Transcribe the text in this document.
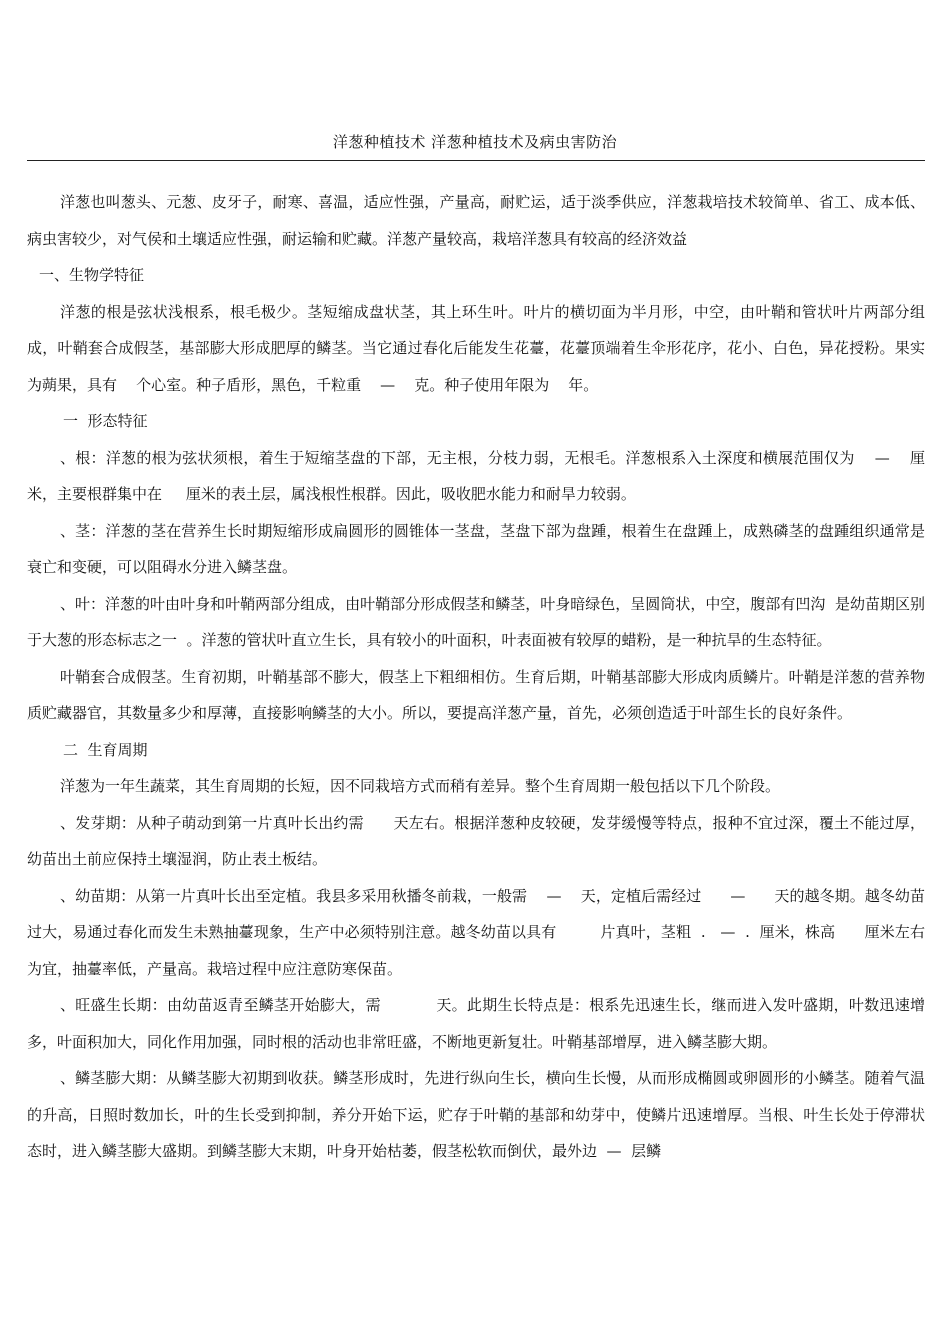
洋葱种植技术 洋葱种植技术及病虫害防治

洋葱也叫葱头、元葱、皮牙子，耐寒、喜温，适应性强，产量高，耐贮运，适于淡季供应，洋葱栽培技术较简单、省工、成本低、病虫害较少，对气侯和土壤适应性强，耐运输和贮藏。洋葱产量较高，栽培洋葱具有较高的经济效益

一、生物学特征

洋葱的根是弦状浅根系，根毛极少。茎短缩成盘状茎，其上环生叶。叶片的横切面为半月形，中空，由叶鞘和管状叶片两部分组成，叶鞘套合成假茎，基部膨大形成肥厚的鳞茎。当它通过春化后能发生花薹，花薹顶端着生伞形花序，花小、白色，异花授粉。果实为蒴果，具有    个心室。种子盾形，黑色，千粒重    —    克。种子使用年限为    年。

一  形态特征

、根：洋葱的根为弦状须根，着生于短缩茎盘的下部，无主根，分枝力弱，无根毛。洋葱根系入土深度和横展范围仅为    —    厘米，主要根群集中在     厘米的表土层，属浅根性根群。因此，吸收肥水能力和耐旱力较弱。

、茎：洋葱的茎在营养生长时期短缩形成扁圆形的圆锥体一茎盘，茎盘下部为盘踵，根着生在盘踵上，成熟磷茎的盘踵组织通常是衰亡和变硬，可以阻碍水分进入鳞茎盘。

、叶：洋葱的叶由叶身和叶鞘两部分组成，由叶鞘部分形成假茎和鳞茎，叶身暗绿色，呈圆筒状，中空，腹部有凹沟  是幼苗期区别于大葱的形态标志之一  。洋葱的管状叶直立生长，具有较小的叶面积，叶表面被有较厚的蜡粉，是一种抗旱的生态特征。

叶鞘套合成假茎。生育初期，叶鞘基部不膨大，假茎上下粗细相仿。生育后期，叶鞘基部膨大形成肉质鳞片。叶鞘是洋葱的营养物质贮藏器官，其数量多少和厚薄，直接影响鳞茎的大小。所以，要提高洋葱产量，首先，必须创造适于叶部生长的良好条件。

二  生育周期

洋葱为一年生蔬菜，其生育周期的长短，因不同栽培方式而稍有差异。整个生育周期一般包括以下几个阶段。

、发芽期：从种子萌动到第一片真叶长出约需      天左右。根据洋葱种皮较硬，发芽缓慢等特点，报种不宜过深，覆土不能过厚，幼苗出土前应保持土壤湿润，防止表土板结。

、幼苗期：从第一片真叶长出至定植。我县多采用秋播冬前栽，一般需    —    天，定植后需经过      —      天的越冬期。越冬幼苗过大，易通过春化而发生未熟抽薹现象，生产中必须特别注意。越冬幼苗以具有         片真叶，茎粗  .   —  .  厘米，株高      厘米左右为宜，抽薹率低，产量高。栽培过程中应注意防寒保苗。

、旺盛生长期：由幼苗返青至鳞茎开始膨大，需           天。此期生长特点是：根系先迅速生长，继而进入发叶盛期，叶数迅速增多，叶面积加大，同化作用加强，同时根的活动也非常旺盛，不断地更新复壮。叶鞘基部增厚，进入鳞茎膨大期。

、鳞茎膨大期：从鳞茎膨大初期到收获。鳞茎形成时，先进行纵向生长，横向生长慢，从而形成椭圆或卵圆形的小鳞茎。随着气温的升高，日照时数加长，叶的生长受到抑制，养分开始下运，贮存于叶鞘的基部和幼芽中，使鳞片迅速增厚。当根、叶生长处于停滞状态时，进入鳞茎膨大盛期。到鳞茎膨大末期，叶身开始枯萎，假茎松软而倒伏，最外边  —  层鳞
